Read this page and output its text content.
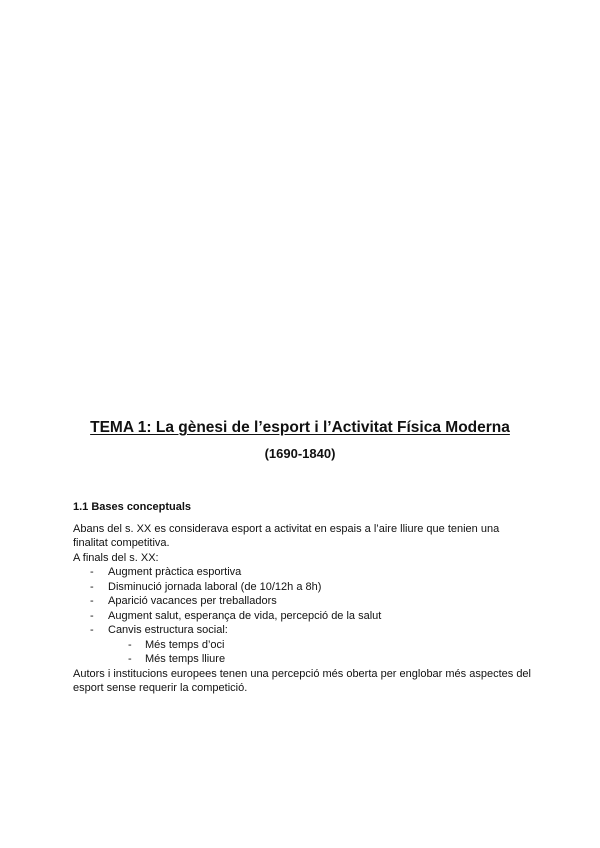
TEMA 1: La gènesi de l’esport i l’Activitat Física Moderna
(1690-1840)
1.1 Bases conceptuals

Abans del s. XX es considerava esport a activitat en espais a l’aire lliure que tenien una finalitat competitiva.

A finals del s. XX:

- Augment pràctica esportiva
- Disminució jornada laboral (de 10/12h a 8h)
- Aparició vacances per treballadors
- Augment salut, esperança de vida, percepció de la salut
- Canvis estructura social:
- Més temps d’oci
- Més temps lliure

Autors i institucions europees tenen una percepció més oberta per englobar més aspectes del esport sense requerir la competició.
